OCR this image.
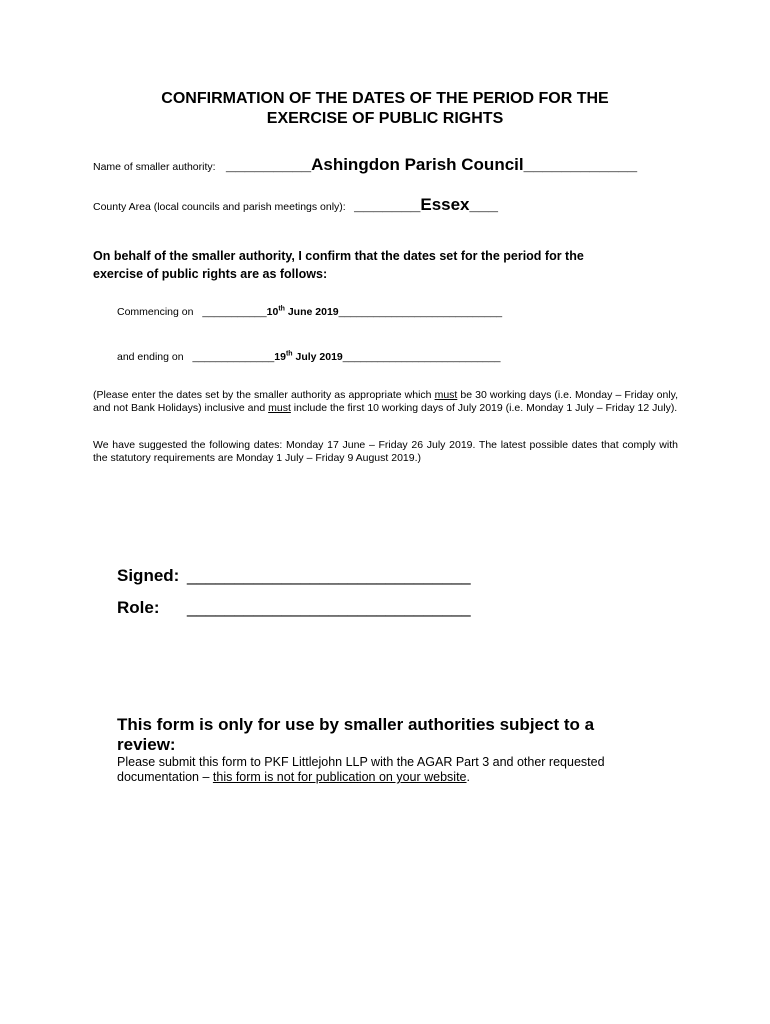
CONFIRMATION OF THE DATES OF THE PERIOD FOR THE
EXERCISE OF PUBLIC RIGHTS
Name of smaller authority: _________Ashingdon Parish Council____________
County Area (local councils and parish meetings only): _______Essex___
On behalf of the smaller authority, I confirm that the dates set for the period for the
exercise of public rights are as follows:
Commencing on ___________10th June 2019____________________________
and ending on ______________19th July 2019___________________________
(Please enter the dates set by the smaller authority as appropriate which must be 30 working days (i.e. Monday – Friday only, and not Bank Holidays) inclusive and must include the first 10 working days of July 2019 (i.e. Monday 1 July – Friday 12 July).
We have suggested the following dates: Monday 17 June – Friday 26 July 2019. The latest possible dates that comply with the statutory requirements are Monday 1 July – Friday 9 August 2019.)
Signed: ______________________________
Role: ______________________________
This form is only for use by smaller authorities subject to a
review:
Please submit this form to PKF Littlejohn LLP with the AGAR Part 3 and other requested
documentation – this form is not for publication on your website.
